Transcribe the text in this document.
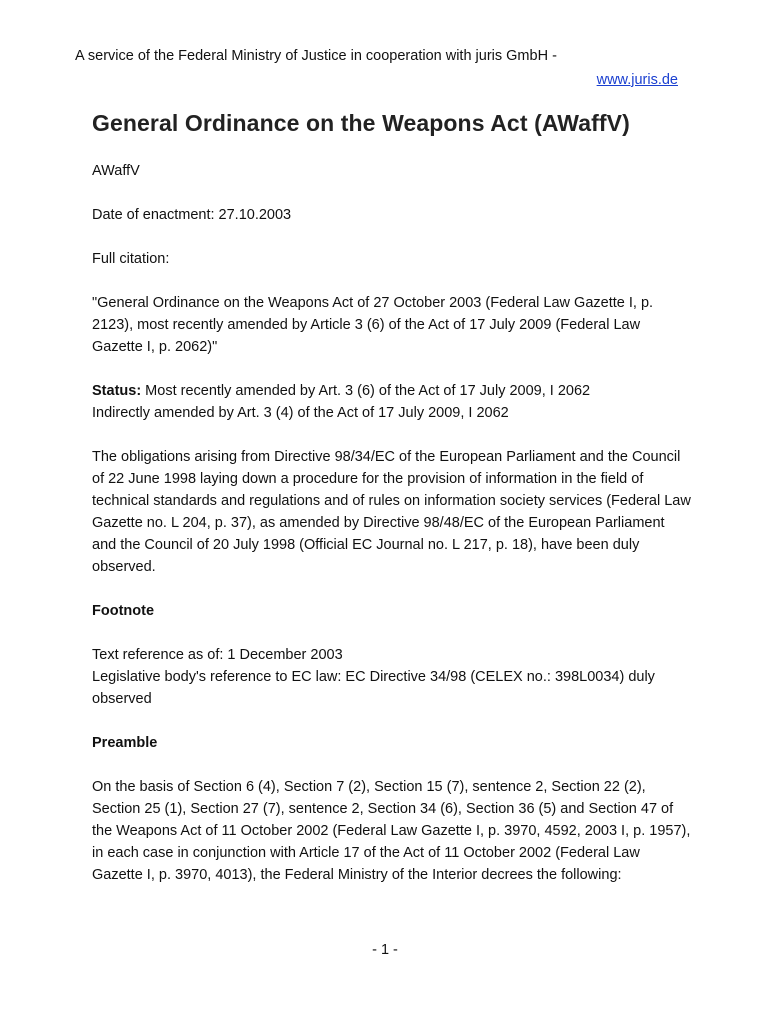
A service of the Federal Ministry of Justice in cooperation with juris GmbH -
www.juris.de
General Ordinance on the Weapons Act (AWaffV)

AWaffV

Date of enactment: 27.10.2003

Full citation:

"General Ordinance on the Weapons Act of 27 October 2003 (Federal Law Gazette I, p. 2123), most recently amended by Article 3 (6) of the Act of 17 July 2009 (Federal Law Gazette I, p. 2062)"

Status: Most recently amended by Art. 3 (6) of the Act of 17 July 2009, I 2062

Indirectly amended by Art. 3 (4) of the Act of 17 July 2009, I 2062

The obligations arising from Directive 98/34/EC of the European Parliament and the Council of 22 June 1998 laying down a procedure for the provision of information in the field of technical standards and regulations and of rules on information society services (Federal Law Gazette no. L 204, p. 37), as amended by Directive 98/48/EC of the European Parliament and the Council of 20 July 1998 (Official EC Journal no. L 217, p. 18), have been duly observed.

Footnote

Text reference as of: 1 December 2003

Legislative body's reference to EC law: EC Directive 34/98 (CELEX no.: 398L0034) duly observed

Preamble

On the basis of Section 6 (4), Section 7 (2), Section 15 (7), sentence 2, Section 22 (2), Section 25 (1), Section 27 (7), sentence 2, Section 34 (6), Section 36 (5) and Section 47 of the Weapons Act of 11 October 2002 (Federal Law Gazette I, p. 3970, 4592, 2003 I, p. 1957), in each case in conjunction with Article 17 of the Act of 11 October 2002 (Federal Law Gazette I, p. 3970, 4013), the Federal Ministry of the Interior decrees the following:

- 1 -
